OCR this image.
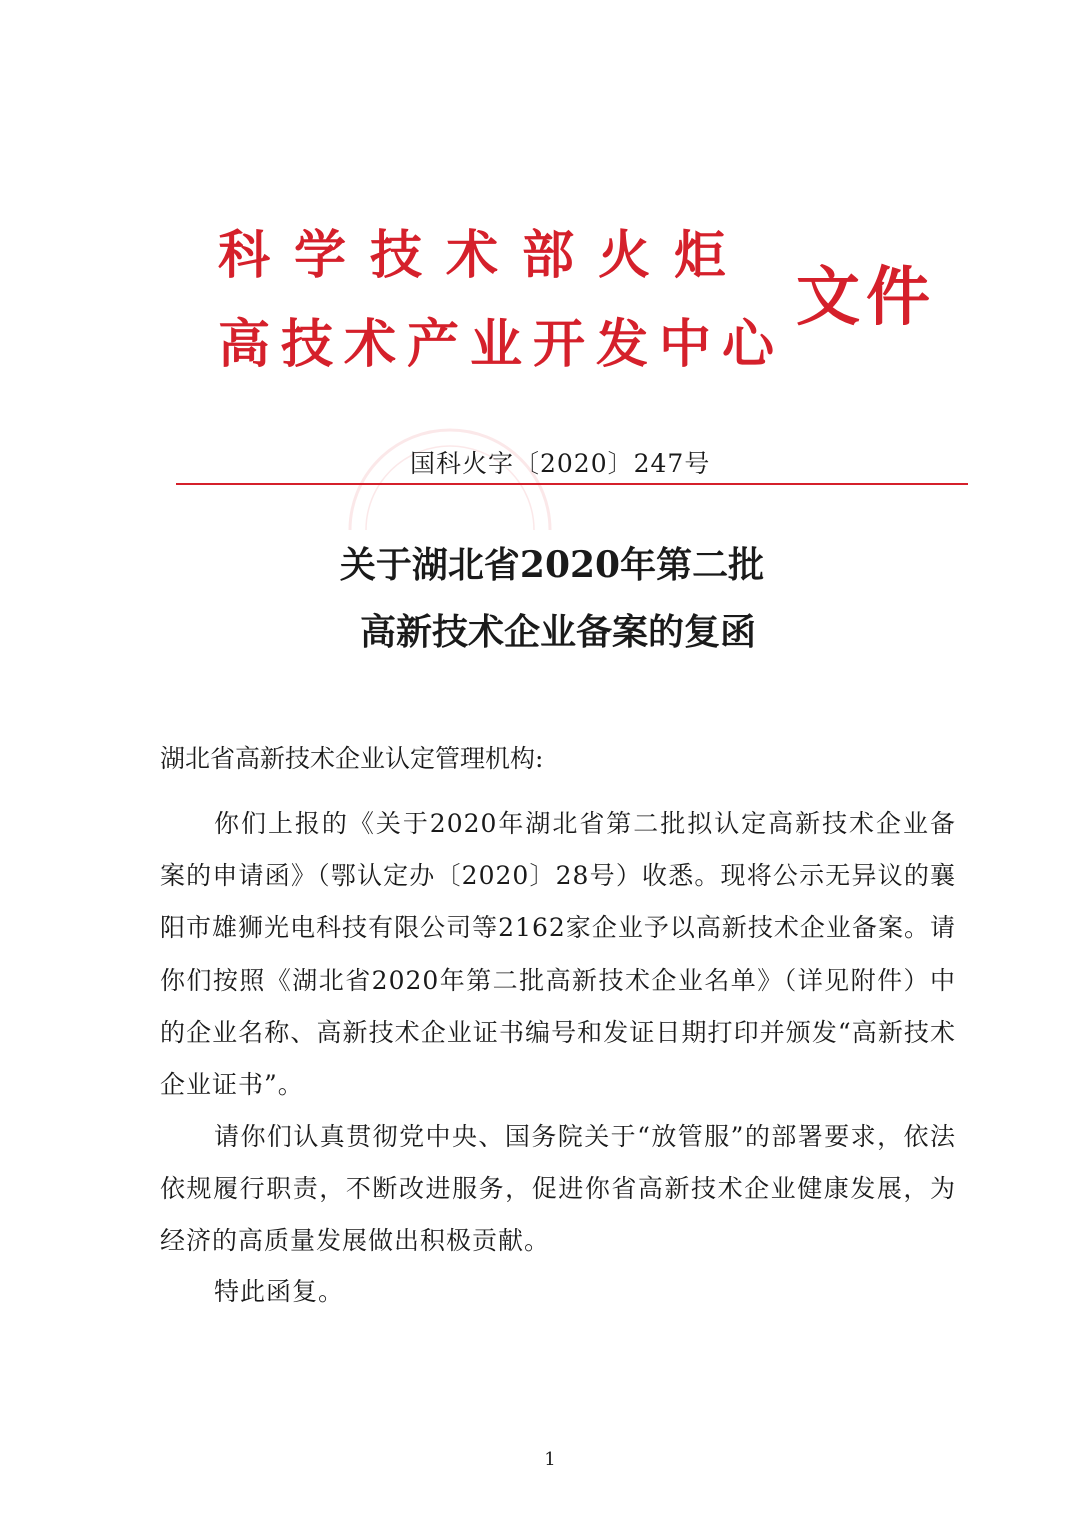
科学技术部火炬
高技术产业开发中心
文件
国科火字〔2020〕247号
关于湖北省2020年第二批
高新技术企业备案的复函
湖北省高新技术企业认定管理机构:

你们上报的《关于2020年湖北省第二批拟认定高新技术企业备案的申请函》（鄂认定办〔2020〕28号）收悉。现将公示无异议的襄阳市雄狮光电科技有限公司等2162家企业予以高新技术企业备案。请你们按照《湖北省2020年第二批高新技术企业名单》（详见附件）中的企业名称、高新技术企业证书编号和发证日期打印并颁发“高新技术企业证书”。

请你们认真贯彻党中央、国务院关于“放管服”的部署要求，依法依规履行职责，不断改进服务，促进你省高新技术企业健康发展，为经济的高质量发展做出积极贡献。

特此函复。

1
